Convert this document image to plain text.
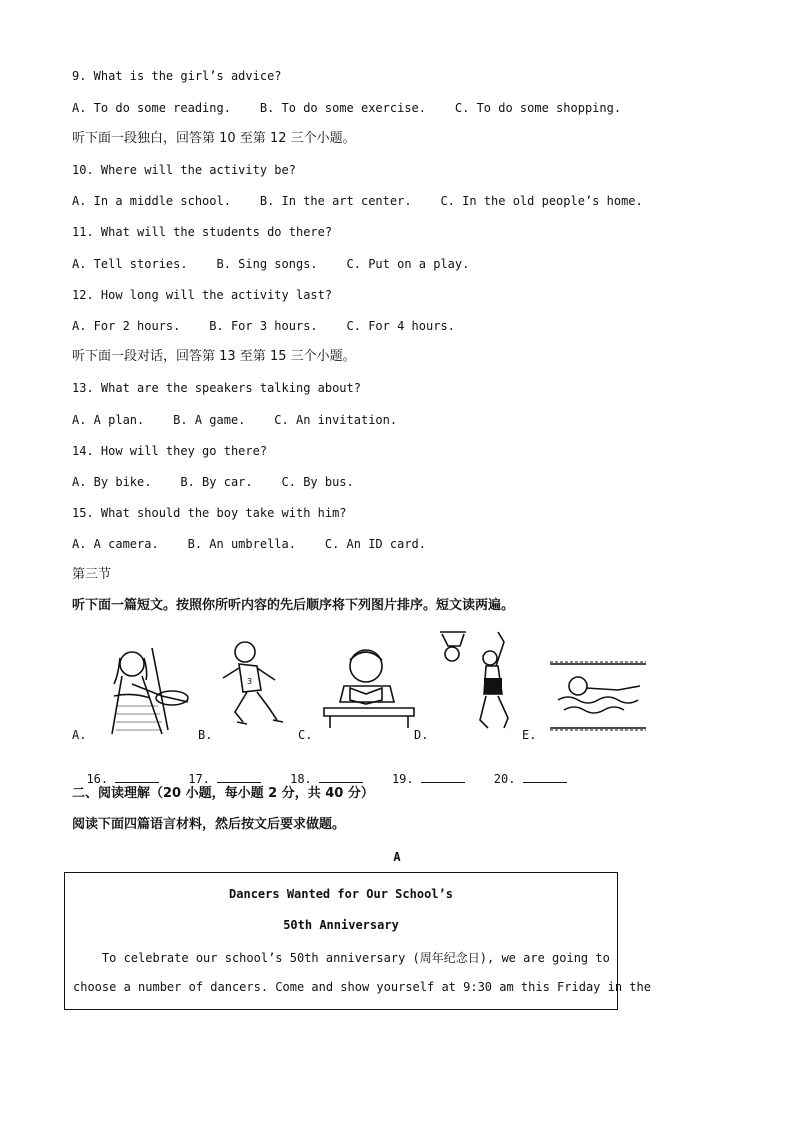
9. What is the girl’s advice?
A. To do some reading.    B. To do some exercise.    C. To do some shopping.
听下面一段独白，回答第 10 至第 12 三个小题。
10. Where will the activity be?
A. In a middle school.    B. In the art center.    C. In the old people’s home.
11. What will the students do there?
A. Tell stories.    B. Sing songs.    C. Put on a play.
12. How long will the activity last?
A. For 2 hours.    B. For 3 hours.    C. For 4 hours.
听下面一段对话，回答第 13 至第 15 三个小题。
13. What are the speakers talking about?
A. A plan.    B. A game.    C. An invitation.
14. How will they go there?
A. By bike.    B. By car.    C. By bus.
15. What should the boy take with him?
A. A camera.    B. An umbrella.    C. An ID card.
第三节
听下面一篇短文。按照你所听内容的先后顺序将下列图片排序。短文读两遍。
A.
3
B.	C.	D.	E.

16.	17.	18.	19.	20.

二、阅读理解（20 小题，每小题 2 分，共 40 分）
阅读下面四篇语言材料，然后按文后要求做题。
A
Dancers Wanted for Our School’s
50th Anniversary
To celebrate our school’s 50th anniversary (周年纪念日), we are going to
choose a number of dancers. Come and show yourself at 9:30 am this Friday in the
